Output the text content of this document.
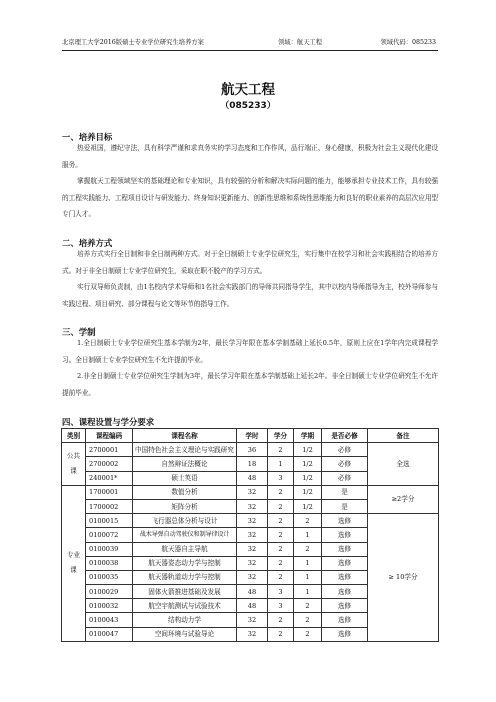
北京理工大学2016版硕士专业学位研究生培养方案	领域：航天工程	领域代码：085233
航天工程
（085233）
一、培养目标
热爱祖国，遵纪守法，具有科学严谨和求真务实的学习态度和工作作风，品行端正、身心健康，积极为社会主义现代化建设服务。
掌握航天工程领域坚实的基础理论和专业知识，具有较强的分析和解决实际问题的能力，能够承担专业技术工作，具有较强的工程实践能力、工程项目设计与研发能力、终身知识更新能力、创新性思维和系统性思维能力和良好的职业素养的高层次应用型专门人才。
二、培养方式
培养方式实行全日制和非全日制两种方式。对于全日制硕士专业学位研究生，实行集中在校学习和社会实践相结合的培养方式。对于非全日制硕士专业学位研究生，采取在职不脱产的学习方式。
实行双导师负责制，由1名校内学术导师和1名社会实践部门的导师共同指导学生，其中以校内导师指导为主，校外导师参与实践过程、项目研究、部分课程与论文等环节的指导工作。
三、学制
1.全日制硕士专业学位研究生基本学制为2年，最长学习年限在基本学制基础上延长0.5年，原则上应在1学年内完成课程学习。全日制硕士专业学位研究生不允许提前毕业。
2.非全日制硕士专业学位研究生学制为3年，最长学习年限在基本学制基础上延长2年。非全日制硕士专业学位研究生不允许提前毕业。
四、课程设置与学分要求
类别	课程编码	课程名称	学时	学分	学期	是否必修	备注
公共课	2700001	中国特色社会主义理论与实践研究	36	2	1/2	必修	全选
	2700002	自然辩证法概论	18	1	1/2	必修	
	240001*	硕士英语	48	3	1/2	必修	
专业课	1700001	数值分析	32	2	1/2	是	≥2学分
	1700002	矩阵分析	32	2	1/2	是	
	0100015	飞行器总体分析与设计	32	2	2	选修	≥ 10学分
	0100072	战术导弹自动驾驶仪和制导律设计	32	2	1	选修	
	0100039	航天器自主导航	32	2	2	选修	
	0100038	航天器姿态动力学与控制	32	2	1	选修	
	0100035	航天器轨道动力学与控制	32	2	1	选修	
	0100029	固体火箭推进基础及发展	48	3	1	选修	
	0100032	航空宇航测试与试验技术	48	3	2	选修	
	0100043	结构动力学	32	2	2	选修	
	0100047	空间环境与试验导论	32	2	2	选修	
